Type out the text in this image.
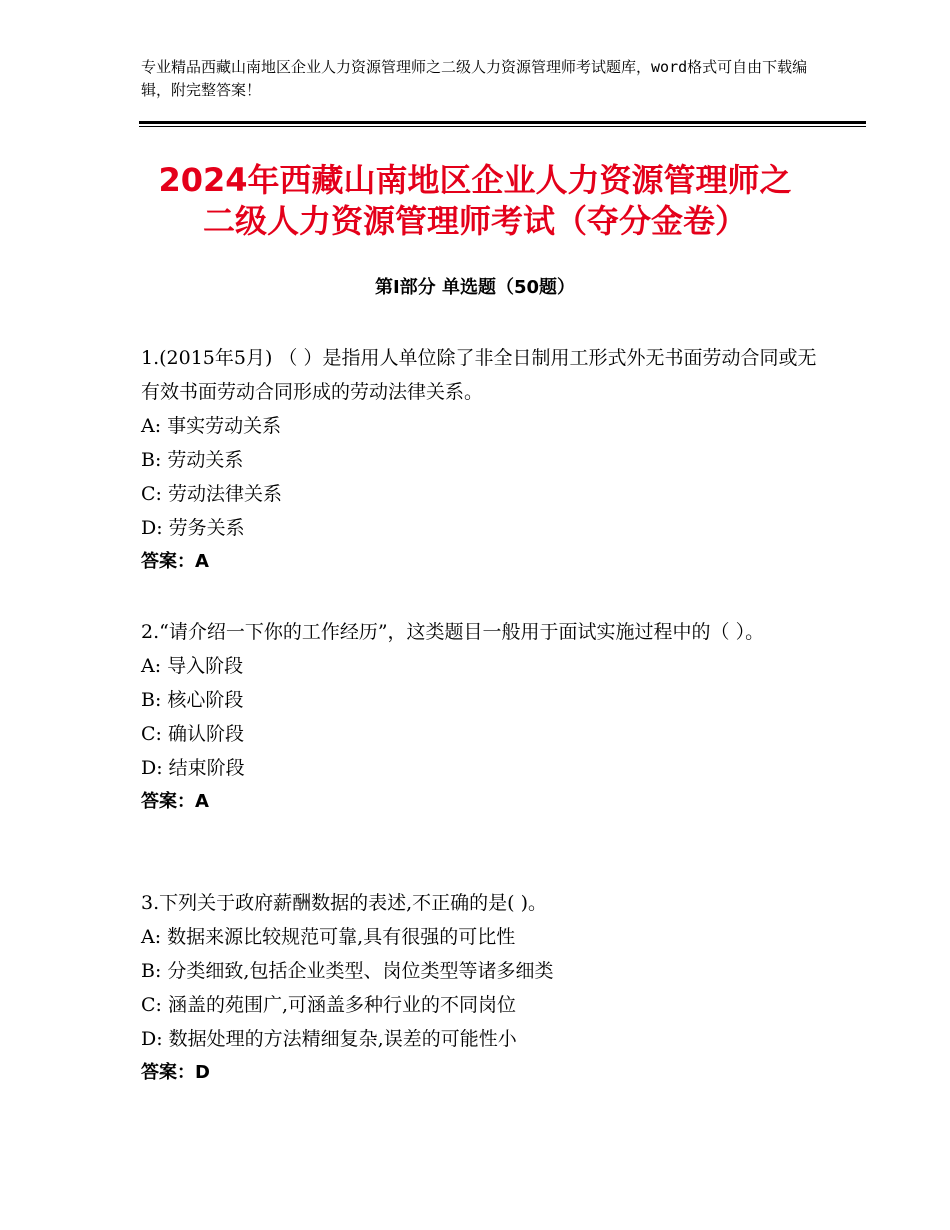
专业精品西藏山南地区企业人力资源管理师之二级人力资源管理师考试题库，word格式可自由下载编辑，附完整答案！
2024年西藏山南地区企业人力资源管理师之
二级人力资源管理师考试（夺分金卷）
第Ⅰ部分 单选题（50题）

1.(2015年5月) （ ）是指用人单位除了非全日制用工形式外无书面劳动合同或无有效书面劳动合同形成的劳动法律关系。

A: 事实劳动关系
B: 劳动关系
C: 劳动法律关系
D: 劳务关系
答案：A

2.“请介绍一下你的工作经历”，这类题目一般用于面试实施过程中的（ ）。

A: 导入阶段
B: 核心阶段
C: 确认阶段
D: 结束阶段
答案：A

3.下列关于政府薪酬数据的表述,不正确的是( )。

A: 数据来源比较规范可靠,具有很强的可比性
B: 分类细致,包括企业类型、岗位类型等诸多细类
C: 涵盖的苑围广,可涵盖多种行业的不同岗位
D: 数据处理的方法精细复杂,误差的可能性小
答案：D
